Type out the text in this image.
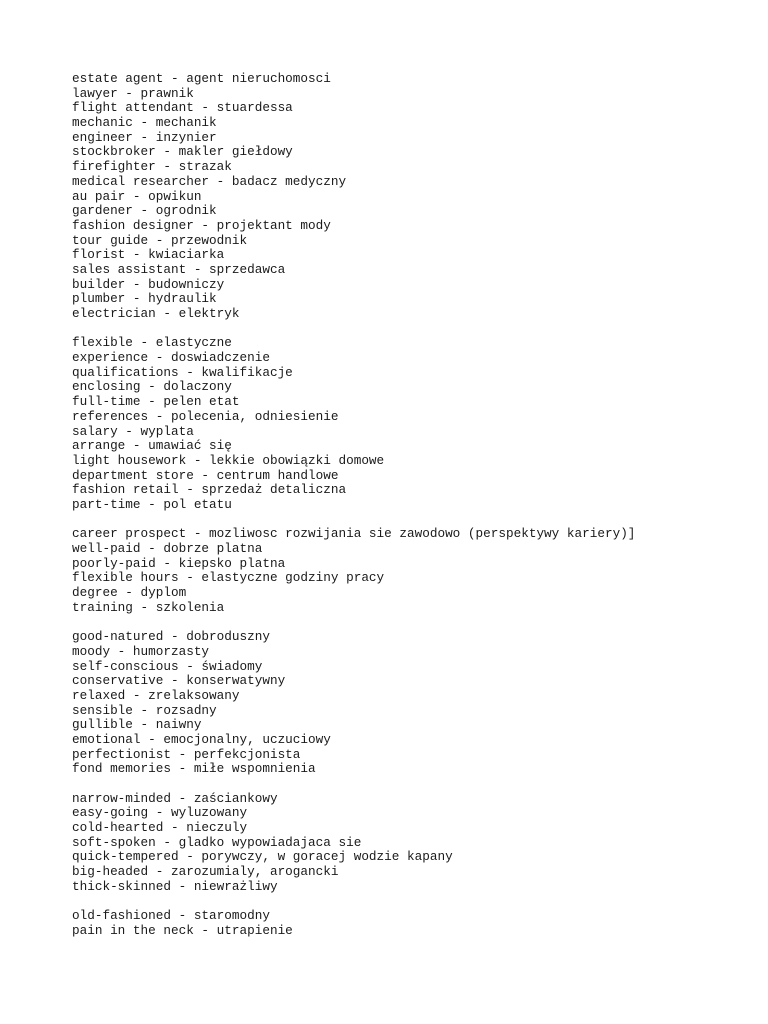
estate agent - agent nieruchomosci
lawyer - prawnik
flight attendant - stuardessa
mechanic - mechanik
engineer - inzynier
stockbroker - makler giełdowy
firefighter - strazak
medical researcher - badacz medyczny
au pair - opwikun
gardener - ogrodnik
fashion designer - projektant mody
tour guide - przewodnik
florist - kwiaciarka
sales assistant - sprzedawca
builder - budowniczy
plumber - hydraulik
electrician - elektryk
flexible - elastyczne
experience - doswiadczenie
qualifications - kwalifikacje
enclosing - dolaczony
full-time - pelen etat
references - polecenia, odniesienie
salary - wyplata
arrange - umawiać się
light housework - lekkie obowiązki domowe
department store - centrum handlowe
fashion retail - sprzedaż detaliczna
part-time - pol etatu
career prospect - mozliwosc rozwijania sie zawodowo (perspektywy kariery)]
well-paid - dobrze platna
poorly-paid - kiepsko platna
flexible hours - elastyczne godziny pracy
degree - dyplom
training - szkolenia
good-natured - dobroduszny
moody - humorzasty
self-conscious - świadomy
conservative - konserwatywny
relaxed - zrelaksowany
sensible - rozsadny
gullible - naiwny
emotional - emocjonalny, uczuciowy
perfectionist - perfekcjonista
fond memories - miłe wspomnienia
narrow-minded - zaściankowy
easy-going - wyluzowany
cold-hearted - nieczuly
soft-spoken - gladko wypowiadajaca sie
quick-tempered - porywczy, w goracej wodzie kapany
big-headed - zarozumialy, arogancki
thick-skinned - niewrażliwy
old-fashioned - staromodny
pain in the neck - utrapienie
